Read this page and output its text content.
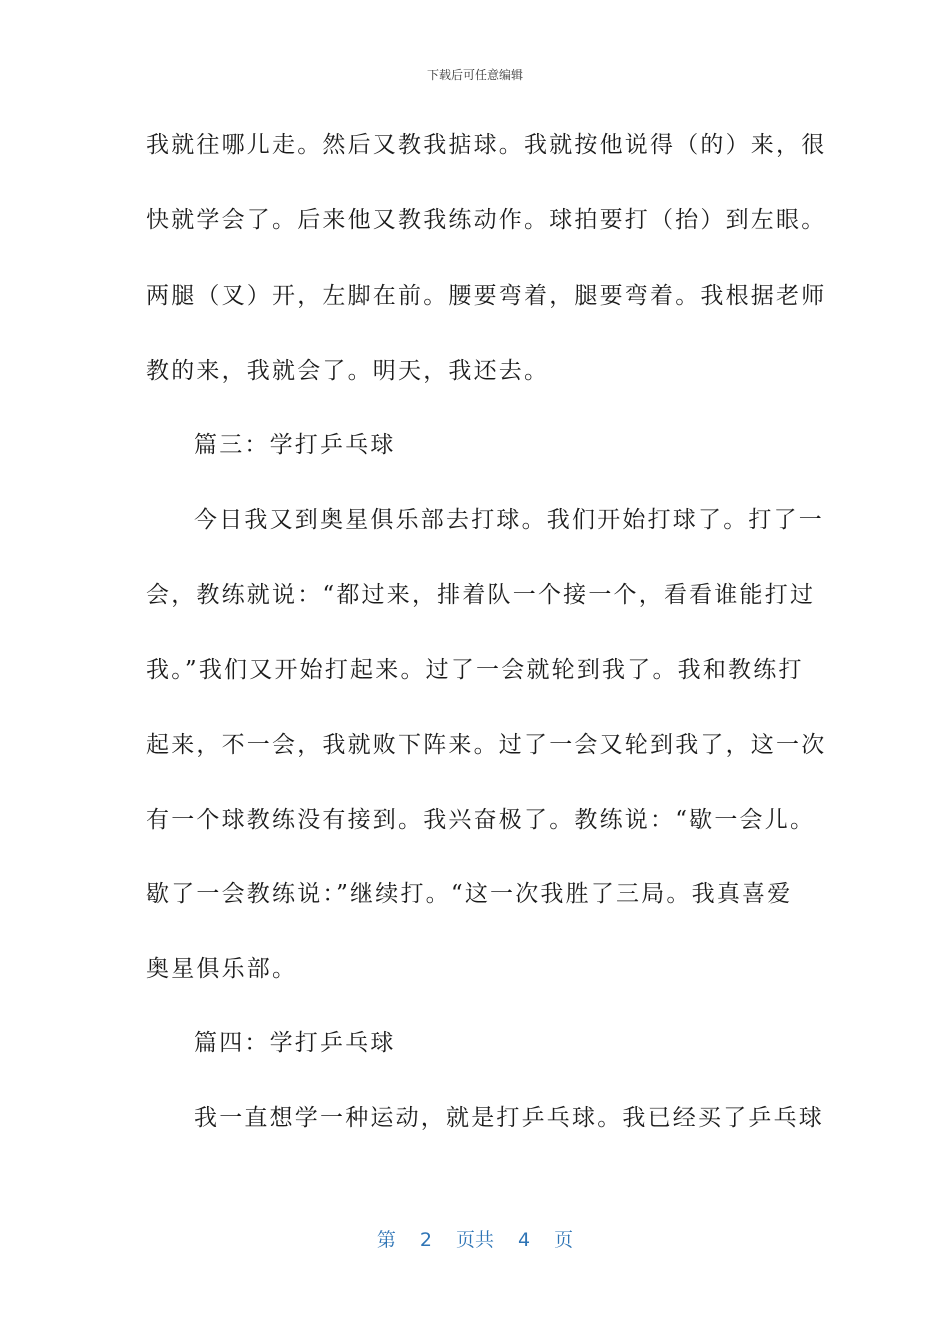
下载后可任意编辑
我就往哪儿走。然后又教我掂球。我就按他说得（的）来，很
快就学会了。后来他又教我练动作。球拍要打（抬）到左眼。
两腿（叉）开，左脚在前。腰要弯着，腿要弯着。我根据老师
教的来，我就会了。明天，我还去。
篇三：学打乒乓球
今日我又到奥星俱乐部去打球。我们开始打球了。打了一
会，教练就说：“都过来，排着队一个接一个，看看谁能打过
我。”我们又开始打起来。过了一会就轮到我了。我和教练打
起来，不一会，我就败下阵来。过了一会又轮到我了，这一次
有一个球教练没有接到。我兴奋极了。教练说：“歇一会儿。
歇了一会教练说：”继续打。“这一次我胜了三局。我真喜爱
奥星俱乐部。
篇四：学打乒乓球
我一直想学一种运动，就是打乒乓球。我已经买了乒乓球
第 2 页共 4 页
